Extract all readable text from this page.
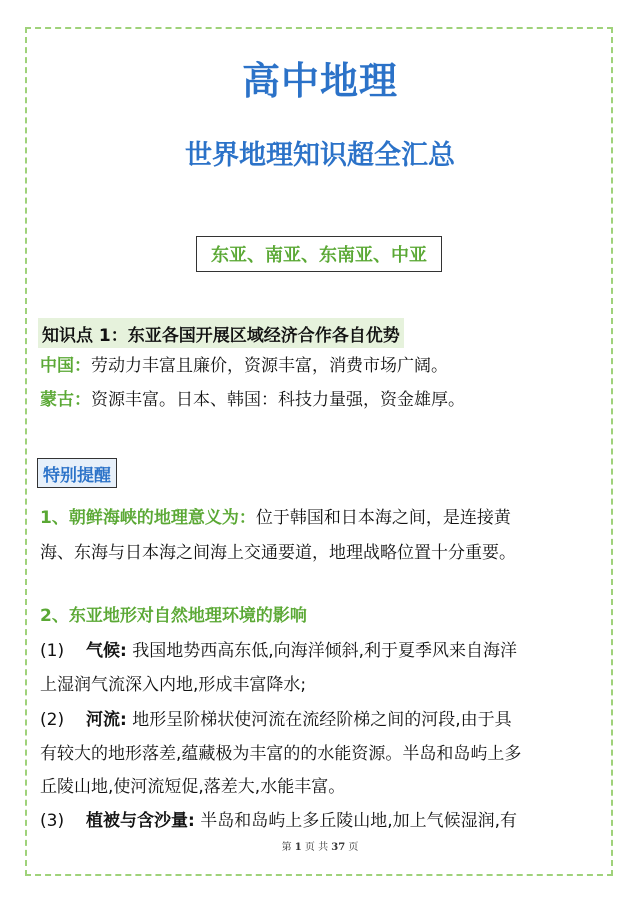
高中地理
世界地理知识超全汇总
东亚、南亚、东南亚、中亚
知识点 1：东亚各国开展区域经济合作各自优势
中国：劳动力丰富且廉价，资源丰富，消费市场广阔。
蒙古：资源丰富。日本、韩国：科技力量强，资金雄厚。
特别提醒
1、朝鲜海峡的地理意义为：位于韩国和日本海之间，是连接黄
海、东海与日本海之间海上交通要道，地理战略位置十分重要。
2、东亚地形对自然地理环境的影响
(1) 气候: 我国地势西高东低,向海洋倾斜,利于夏季风来自海洋
上湿润气流深入内地,形成丰富降水;
(2) 河流: 地形呈阶梯状使河流在流经阶梯之间的河段,由于具
有较大的地形落差,蕴藏极为丰富的的水能资源。半岛和岛屿上多
丘陵山地,使河流短促,落差大,水能丰富。
(3) 植被与含沙量: 半岛和岛屿上多丘陵山地,加上气候湿润,有
第 1 页 共 37 页
